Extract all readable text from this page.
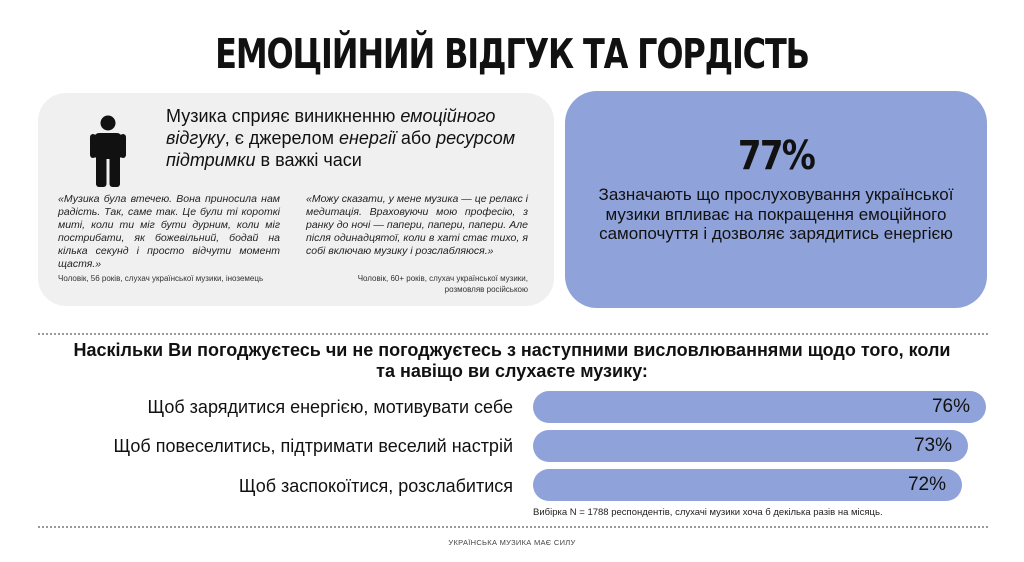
ЕМОЦІЙНИЙ ВІДГУК ТА ГОРДІСТЬ
Музика сприяє виникненню емоційного відгуку, є джерелом енергії або ресурсом підтримки в важкі часи
«Музика була втечею. Вона приносила нам радість. Так, саме так. Це були ті короткі миті, коли ти міг бути дурним, коли міг пострибати, як божевільний, бодай на кілька секунд і просто відчути момент щастя.»
«Можу сказати, у мене музика — це релакс і медитація. Враховуючи мою професію, з ранку до ночі — папери, папери, папери. Але після одинадцятої, коли в хаті стає тихо, я собі включаю музику і розслабляюся.»
Чоловік, 56 років, слухач української музики, іноземець	Чоловік, 60+ років, слухач української музики,
розмовляв російською
77%
Зазначають що прослуховування української музики впливає на покращення емоційного самопочуття і дозволяє зарядитись енергією
Наскільки Ви погоджуєтесь чи не погоджуєтесь з наступними висловлюваннями щодо того, коли та навіщо ви слухаєте музику:
Щоб зарядитися енергією, мотивувати себе	76%
Щоб повеселитись, підтримати веселий настрій	73%
Щоб заспокоїтися, розслабитися	72%
Вибірка N = 1788 респондентів, слухачі музики хоча б декілька разів на місяць.
УКРАЇНСЬКА МУЗИКА МАЄ СИЛУ
